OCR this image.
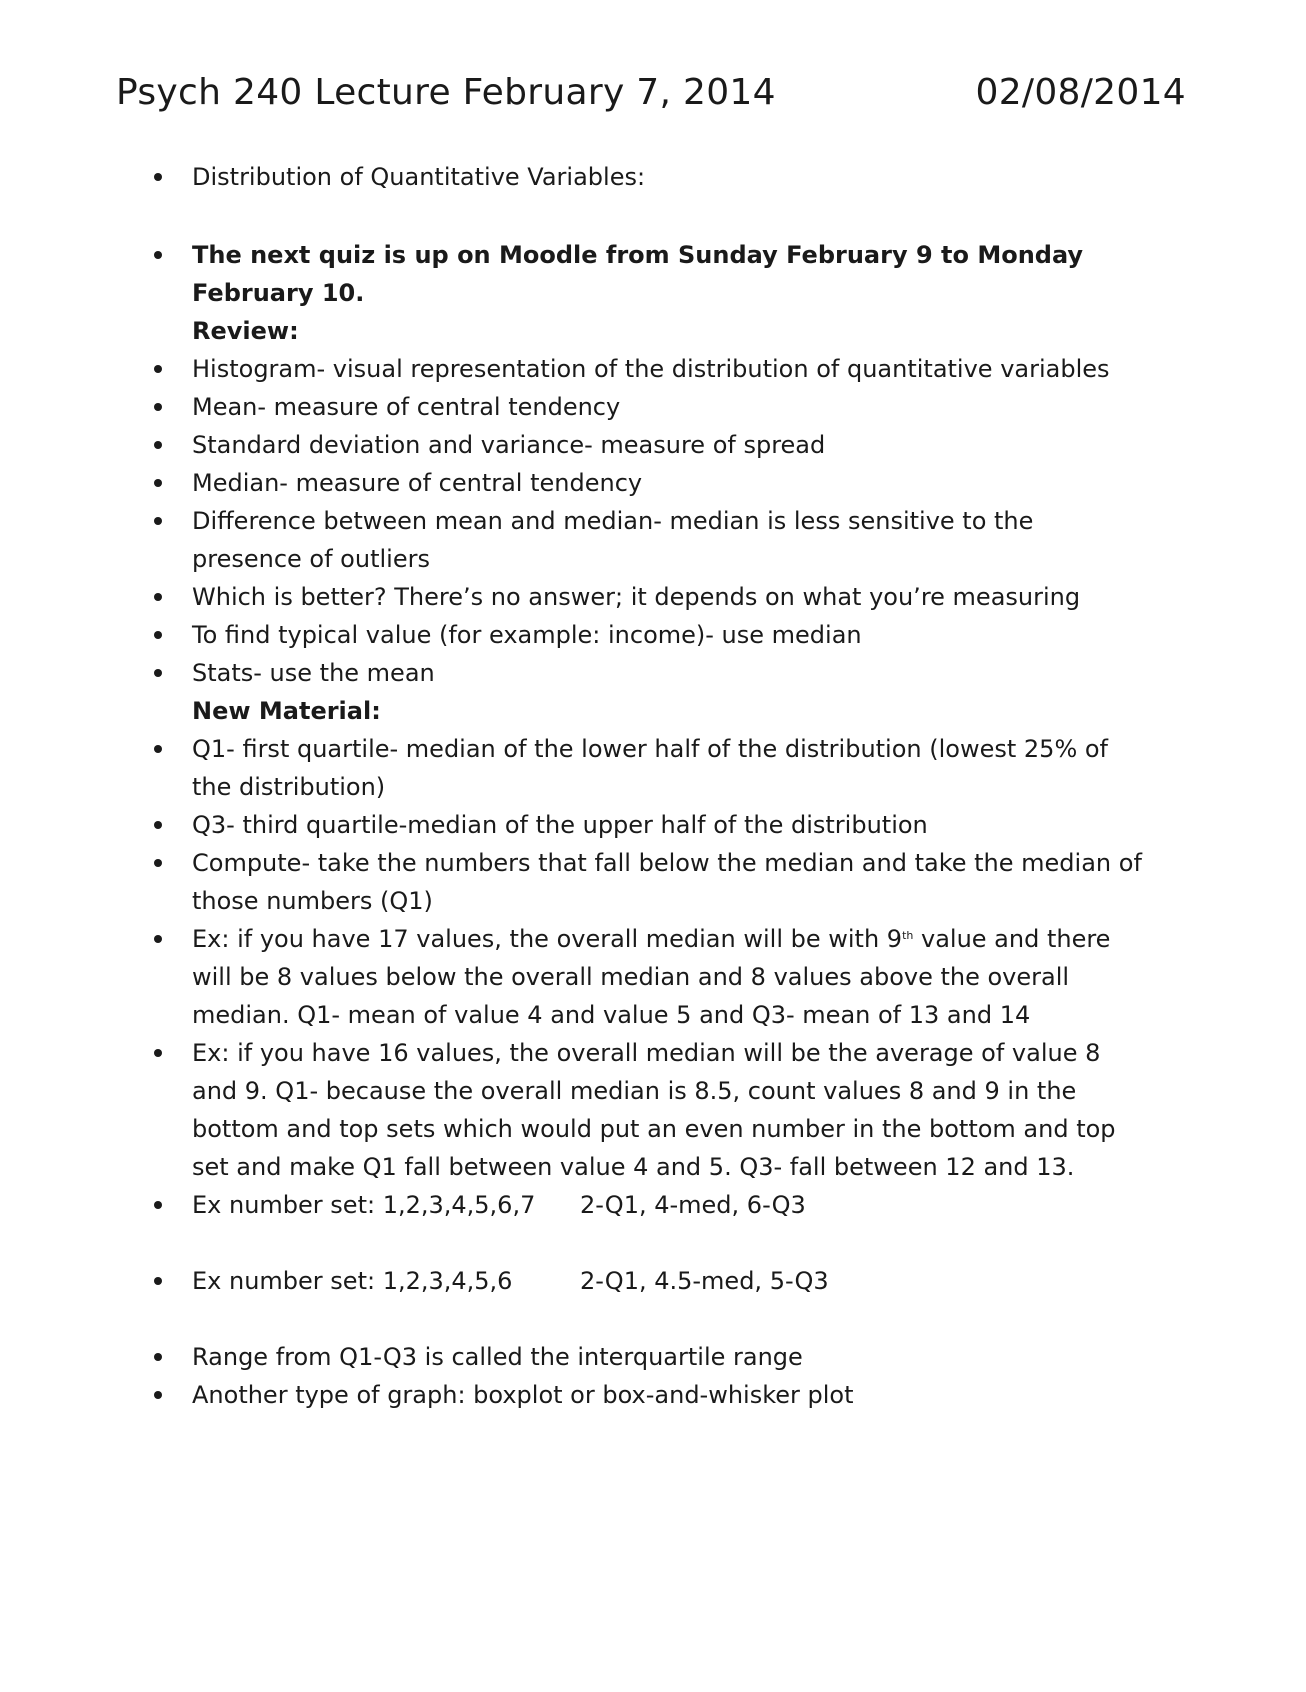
Psych 240 Lecture February 7, 2014	02/08/2014
Distribution of Quantitative Variables:
The next quiz is up on Moodle from Sunday February 9 to Monday February 10.
Review:
Histogram- visual representation of the distribution of quantitative variables
Mean- measure of central tendency
Standard deviation and variance- measure of spread
Median- measure of central tendency
Difference between mean and median- median is less sensitive to the presence of outliers
Which is better? There’s no answer; it depends on what you’re measuring
To find typical value (for example: income)- use median
Stats- use the mean
New Material:
Q1- first quartile- median of the lower half of the distribution (lowest 25% of the distribution)
Q3- third quartile-median of the upper half of the distribution
Compute- take the numbers that fall below the median and take the median of those numbers (Q1)
Ex: if you have 17 values, the overall median will be with 9th value and there will be 8 values below the overall median and 8 values above the overall median. Q1- mean of value 4 and value 5 and Q3- mean of 13 and 14
Ex: if you have 16 values, the overall median will be the average of value 8 and 9. Q1- because the overall median is 8.5, count values 8 and 9 in the bottom and top sets which would put an even number in the bottom and top set and make Q1 fall between value 4 and 5. Q3- fall between 12 and 13.
Ex number set: 1,2,3,4,5,6,7 2-Q1, 4-med, 6-Q3
Ex number set: 1,2,3,4,5,6	2-Q1, 4.5-med, 5-Q3
Range from Q1-Q3 is called the interquartile range
Another type of graph: boxplot or box-and-whisker plot
